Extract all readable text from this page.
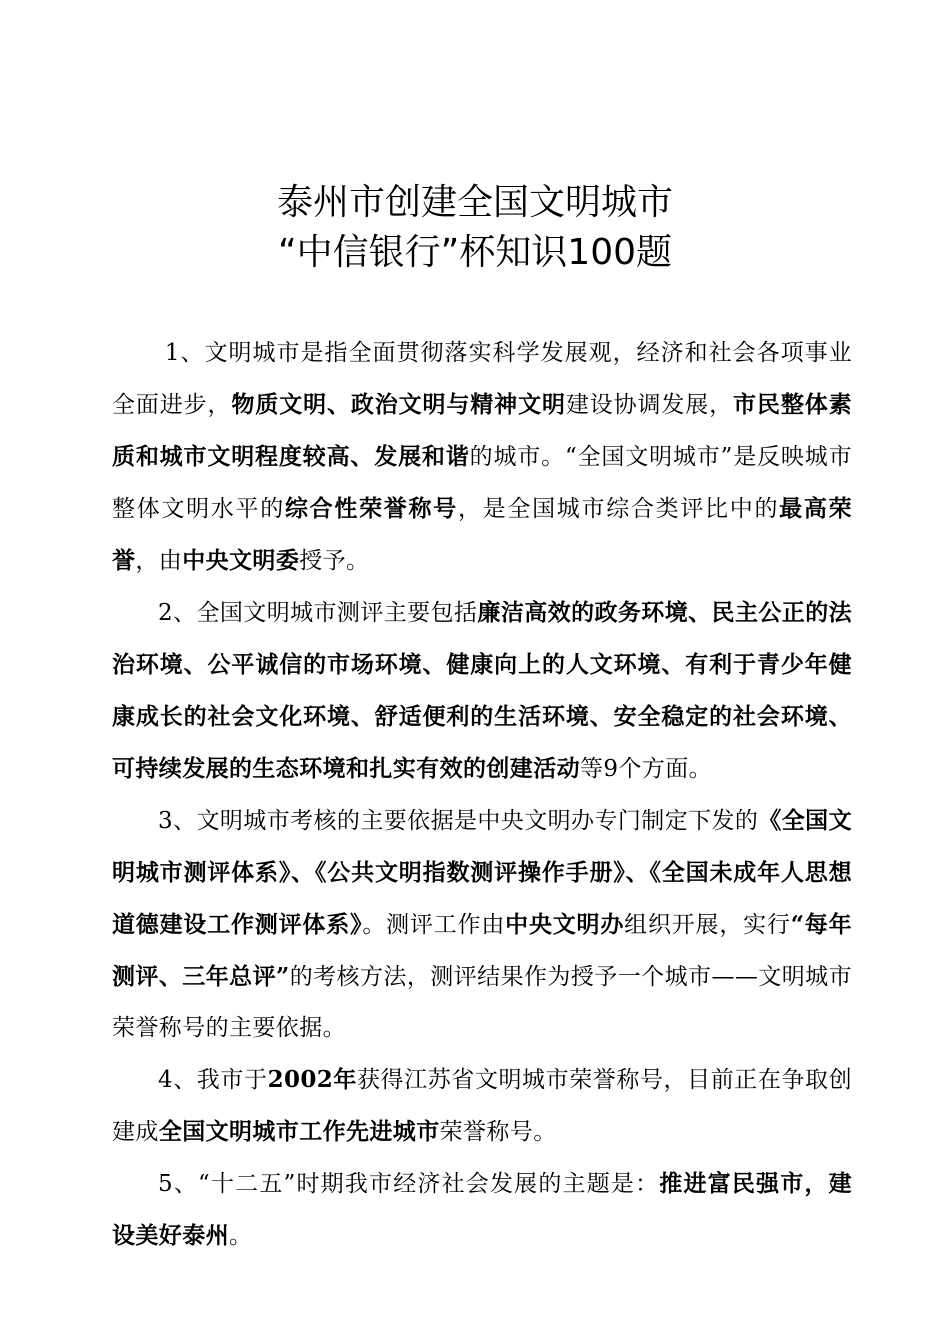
泰州市创建全国文明城市
“中信银行”杯知识100题

1、文明城市是指全面贯彻落实科学发展观，经济和社会各项事业全面进步，物质文明、政治文明与精神文明建设协调发展，市民整体素质和城市文明程度较高、发展和谐的城市。“全国文明城市”是反映城市整体文明水平的综合性荣誉称号，是全国城市综合类评比中的最高荣誉，由中央文明委授予。

2、全国文明城市测评主要包括廉洁高效的政务环境、民主公正的法治环境、公平诚信的市场环境、健康向上的人文环境、有利于青少年健康成长的社会文化环境、舒适便利的生活环境、安全稳定的社会环境、可持续发展的生态环境和扎实有效的创建活动等9个方面。

3、文明城市考核的主要依据是中央文明办专门制定下发的《全国文明城市测评体系》、《公共文明指数测评操作手册》、《全国未成年人思想道德建设工作测评体系》。测评工作由中央文明办组织开展，实行“每年测评、三年总评”的考核方法，测评结果作为授予一个城市——文明城市荣誉称号的主要依据。

4、我市于2002年获得江苏省文明城市荣誉称号，目前正在争取创建成全国文明城市工作先进城市荣誉称号。

5、“十二五”时期我市经济社会发展的主题是：推进富民强市，建设美好泰州。
